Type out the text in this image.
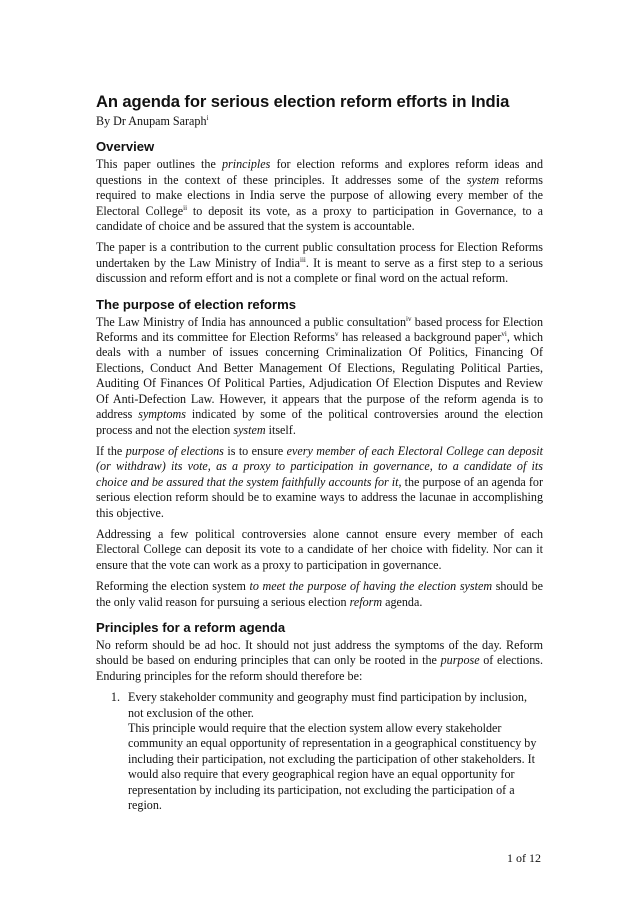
An agenda for serious election reform efforts in India
By Dr Anupam Saraph$^i$
Overview

This paper outlines the principles for election reforms and explores reform ideas and questions in the context of these principles. It addresses some of the system reforms required to make elections in India serve the purpose of allowing every member of the Electoral College$^{ii}$ to deposit its vote, as a proxy to participation in Governance, to a candidate of choice and be assured that the system is accountable.

The paper is a contribution to the current public consultation process for Election Reforms undertaken by the Law Ministry of India$^{iii}$. It is meant to serve as a first step to a serious discussion and reform effort and is not a complete or final word on the actual reform.

The purpose of election reforms

The Law Ministry of India has announced a public consultation$^{iv}$ based process for Election Reforms and its committee for Election Reforms$^v$ has released a background paper$^{vi}$, which deals with a number of issues concerning Criminalization Of Politics, Financing Of Elections, Conduct And Better Management Of Elections, Regulating Political Parties, Auditing Of Finances Of Political Parties, Adjudication Of Election Disputes and Review Of Anti-Defection Law. However, it appears that the purpose of the reform agenda is to address symptoms indicated by some of the political controversies around the election process and not the election system itself.

If the purpose of elections is to ensure every member of each Electoral College can deposit (or withdraw) its vote, as a proxy to participation in governance, to a candidate of its choice and be assured that the system faithfully accounts for it, the purpose of an agenda for serious election reform should be to examine ways to address the lacunae in accomplishing this objective.

Addressing a few political controversies alone cannot ensure every member of each Electoral College can deposit its vote to a candidate of her choice with fidelity. Nor can it ensure that the vote can work as a proxy to participation in governance.

Reforming the election system to meet the purpose of having the election system should be the only valid reason for pursuing a serious election reform agenda.

Principles for a reform agenda

No reform should be ad hoc. It should not just address the symptoms of the day. Reform should be based on enduring principles that can only be rooted in the purpose of elections. Enduring principles for the reform should therefore be:

1. Every stakeholder community and geography must find participation by inclusion, not exclusion of the other.
This principle would require that the election system allow every stakeholder community an equal opportunity of representation in a geographical constituency by including their participation, not excluding the participation of other stakeholders. It would also require that every geographical region have an equal opportunity for representation by including its participation, not excluding the participation of a region.
1 of 12
